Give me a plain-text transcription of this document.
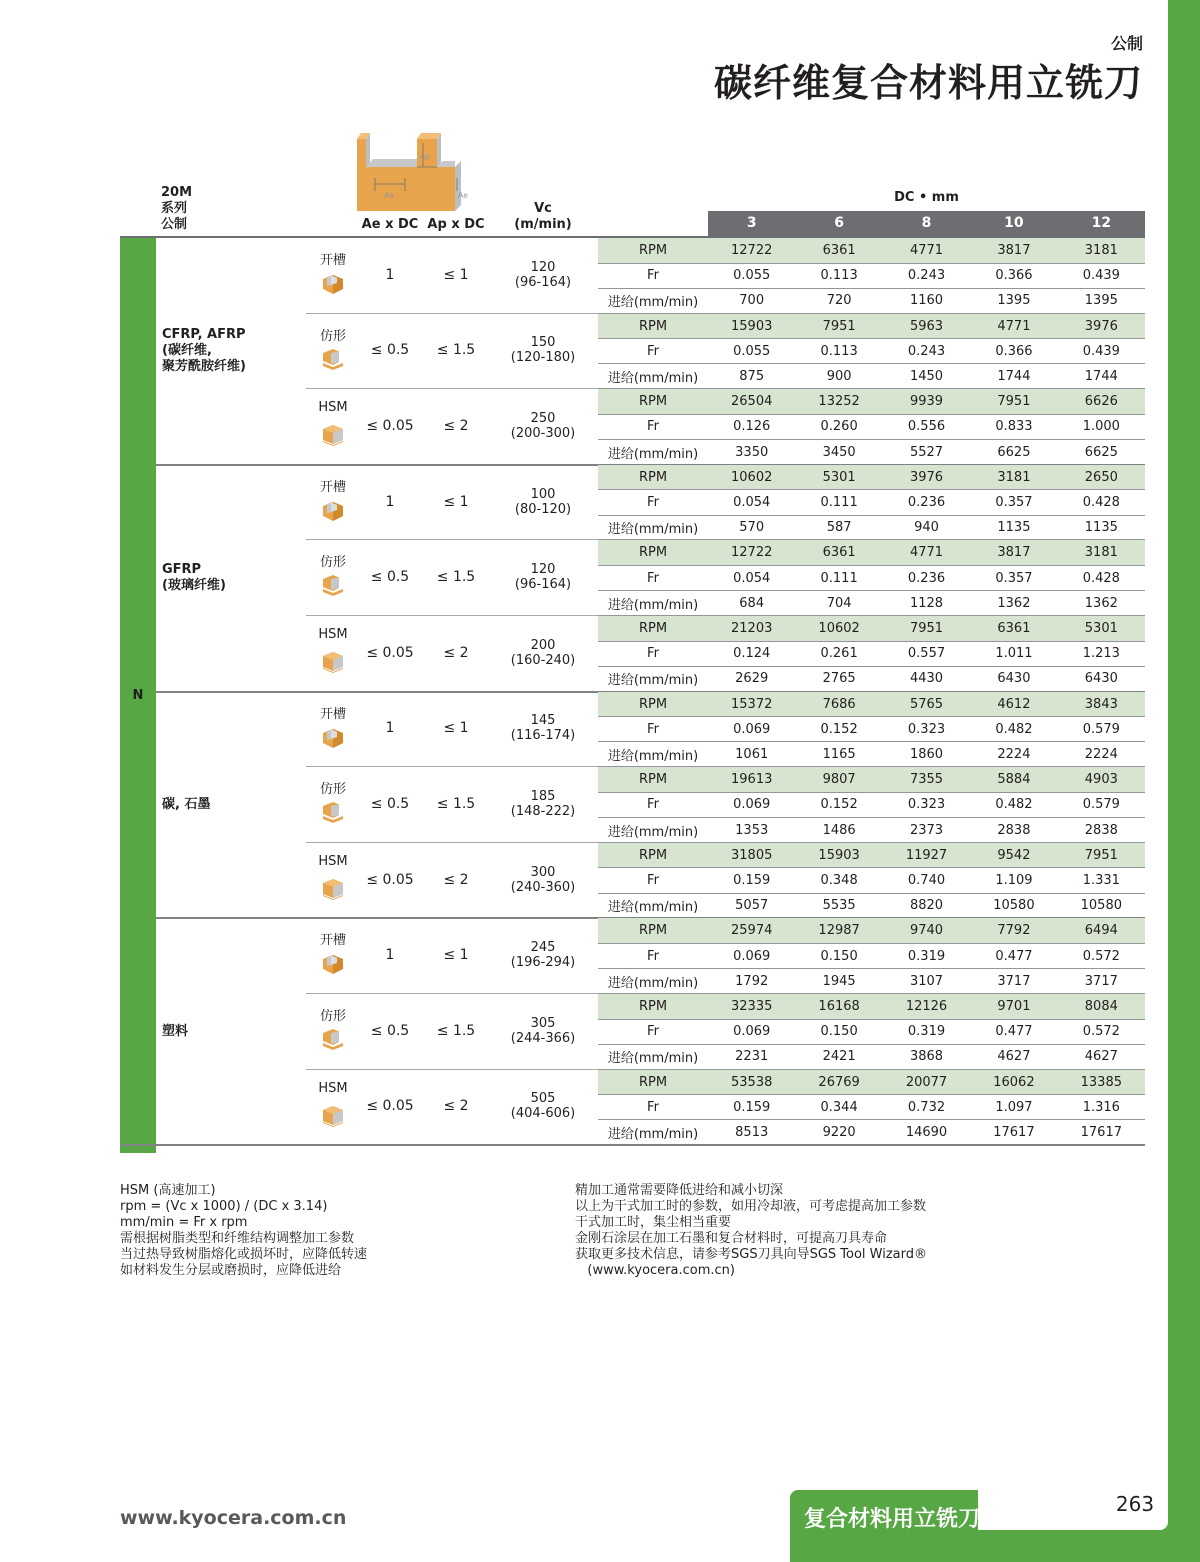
公制
碳纤维复合材料用立铣刀
20M
系列
公制
Ap
Ae	Ae
Ae x DC Ap x DC
Vc
(m/min)
DC • mm
3	6	8	10	12
N
CFRP, AFRP
(碳纤维,
聚芳酰胺纤维)
开槽
1	≤ 1	120
(96-164)
RPM	12722	6361	4771	3817	3181
Fr	0.055	0.113	0.243	0.366	0.439
进给(mm/min)	700	720	1160	1395	1395
仿形
≤ 0.5	≤ 1.5	150
(120-180)
RPM	15903	7951	5963	4771	3976
Fr	0.055	0.113	0.243	0.366	0.439
进给(mm/min)	875	900	1450	1744	1744
HSM
≤ 0.05	≤ 2	250
(200-300)
RPM	26504	13252	9939	7951	6626
Fr	0.126	0.260	0.556	0.833	1.000
进给(mm/min)	3350	3450	5527	6625	6625
GFRP
(玻璃纤维)
开槽
1	≤ 1	100
(80-120)
RPM	10602	5301	3976	3181	2650
Fr	0.054	0.111	0.236	0.357	0.428
进给(mm/min)	570	587	940	1135	1135
仿形
≤ 0.5	≤ 1.5	120
(96-164)
RPM	12722	6361	4771	3817	3181
Fr	0.054	0.111	0.236	0.357	0.428
进给(mm/min)	684	704	1128	1362	1362
HSM
≤ 0.05	≤ 2	200
(160-240)
RPM	21203	10602	7951	6361	5301
Fr	0.124	0.261	0.557	1.011	1.213
进给(mm/min)	2629	2765	4430	6430	6430
碳, 石墨
开槽
1	≤ 1	145
(116-174)
RPM	15372	7686	5765	4612	3843
Fr	0.069	0.152	0.323	0.482	0.579
进给(mm/min)	1061	1165	1860	2224	2224
仿形
≤ 0.5	≤ 1.5	185
(148-222)
RPM	19613	9807	7355	5884	4903
Fr	0.069	0.152	0.323	0.482	0.579
进给(mm/min)	1353	1486	2373	2838	2838
HSM
≤ 0.05	≤ 2	300
(240-360)
RPM	31805	15903	11927	9542	7951
Fr	0.159	0.348	0.740	1.109	1.331
进给(mm/min)	5057	5535	8820	10580	10580
塑料
开槽
1	≤ 1	245
(196-294)
RPM	25974	12987	9740	7792	6494
Fr	0.069	0.150	0.319	0.477	0.572
进给(mm/min)	1792	1945	3107	3717	3717
仿形
≤ 0.5	≤ 1.5	305
(244-366)
RPM	32335	16168	12126	9701	8084
Fr	0.069	0.150	0.319	0.477	0.572
进给(mm/min)	2231	2421	3868	4627	4627
HSM
≤ 0.05	≤ 2	505
(404-606)
RPM	53538	26769	20077	16062	13385
Fr	0.159	0.344	0.732	1.097	1.316
进给(mm/min)	8513	9220	14690	17617	17617
HSM (高速加工)
rpm = (Vc x 1000) / (DC x 3.14)
mm/min = Fr x rpm
需根据树脂类型和纤维结构调整加工参数
当过热导致树脂熔化或损坏时，应降低转速
如材料发生分层或磨损时，应降低进给
精加工通常需要降低进给和减小切深
以上为干式加工时的参数，如用冷却液，可考虑提高加工参数
干式加工时，集尘相当重要
金刚石涂层在加工石墨和复合材料时，可提高刀具寿命
获取更多技术信息，请参考SGS刀具向导SGS Tool Wizard®
(www.kyocera.com.cn)
www.kyocera.com.cn	复合材料用立铣刀
263
